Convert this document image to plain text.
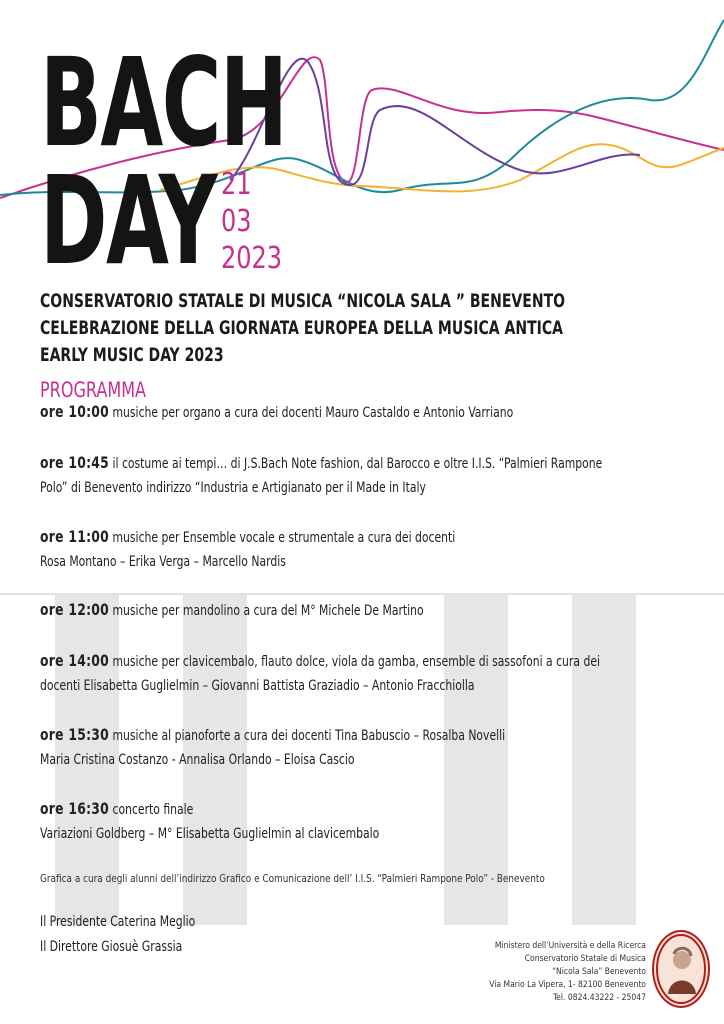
BACH
DAY 21
03
2023
CONSERVATORIO STATALE DI MUSICA “NICOLA SALA ” BENEVENTO
CELEBRAZIONE DELLA GIORNATA EUROPEA DELLA MUSICA ANTICA
EARLY MUSIC DAY 2023
PROGRAMMA
ore 10:00 musiche per organo a cura dei docenti Mauro Castaldo e Antonio Varriano
ore 10:45 il costume ai tempi… di J.S.Bach Note fashion, dal Barocco e oltre I.I.S. “Palmieri Rampone
Polo” di Benevento indirizzo “Industria e Artigianato per il Made in Italy
ore 11:00 musiche per Ensemble vocale e strumentale a cura dei docenti
Rosa Montano – Erika Verga – Marcello Nardis
ore 12:00 musiche per mandolino a cura del M° Michele De Martino
ore 14:00 musiche per clavicembalo, flauto dolce, viola da gamba, ensemble di sassofoni a cura dei
docenti Elisabetta Guglielmin – Giovanni Battista Graziadio – Antonio Fracchiolla
ore 15:30 musiche al pianoforte a cura dei docenti Tina Babuscio – Rosalba Novelli
Maria Cristina Costanzo - Annalisa Orlando – Eloisa Cascio
ore 16:30 concerto finale
Variazioni Goldberg – M° Elisabetta Guglielmin al clavicembalo
Grafica a cura degli alunni dell’indirizzo Grafico e Comunicazione dell’ I.I.S. “Palmieri Rampone Polo” - Benevento
Il Presidente Caterina Meglio
Il Direttore Giosuè Grassia	Ministero dell’Università e della Ricerca
Conservatorio Statale di Musica
“Nicola Sala” Benevento
Via Mario La Vipera, 1- 82100 Benevento
Tel. 0824.43222 - 25047
